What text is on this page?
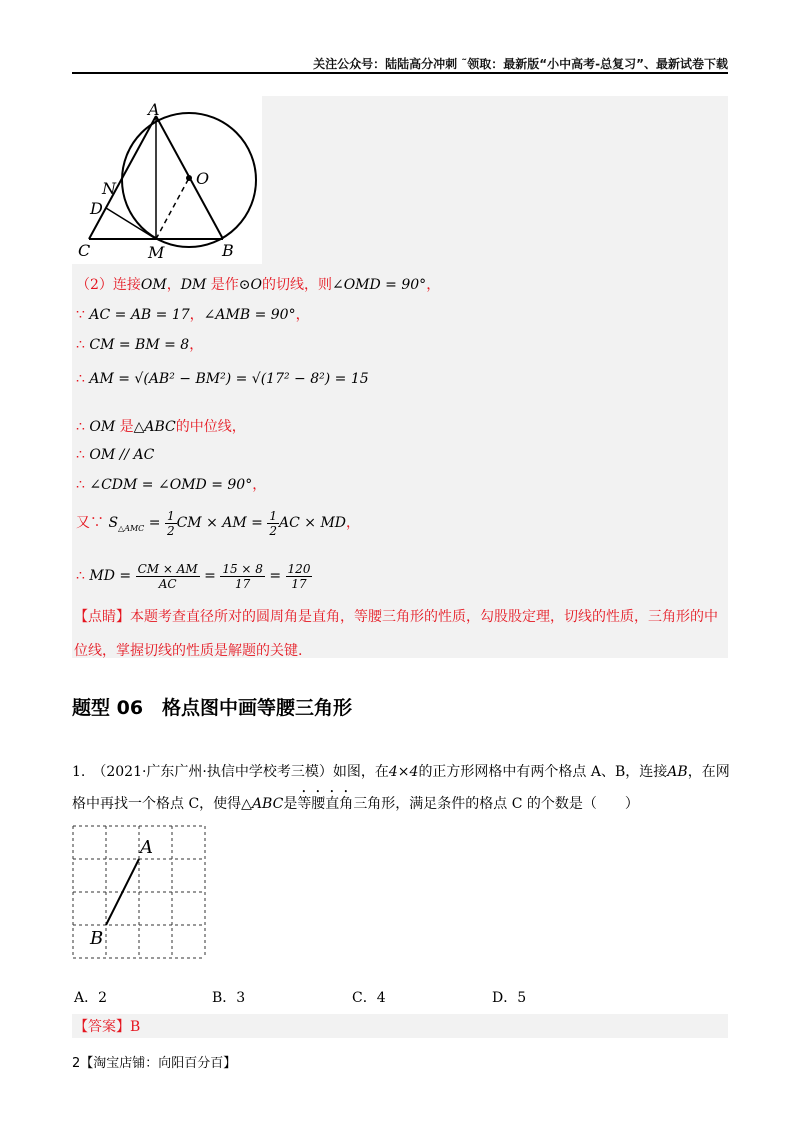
关注公众号：陆陆高分冲刺 ˜领取：最新版“小中高考-总复习”、最新试卷下载
A
O
N
D
C	M	B
（2）连接OM，DM 是作⊙O的切线，则∠OMD = 90°，
∵ AC = AB = 17，∠AMB = 90°，
∴ CM = BM = 8，
∴ AM = √(AB² − BM²) = √(17² − 8²) = 15
∴ OM 是△ABC的中位线，
∴ OM // AC
∴ ∠CDM = ∠OMD = 90°，
又∵ $S_{\triangle AMC} = \frac{1}{2}$ CM × AM = $\frac{1}{2}$ AC × MD，
∴ MD = $\frac{CM \times AM}{AC} = \frac{15 \times 8}{17} = \frac{120}{17}$
【点睛】本题考查直径所对的圆周角是直角，等腰三角形的性质，勾股股定理，切线的性质，三角形的中位线，掌握切线的性质是解题的关键.
题型 06　格点图中画等腰三角形
1.　（2021·广东广州·执信中学校考三模）如图，在4×4的正方形网格中有两个格点 A、B，连接AB，在网
格中再找一个格点 C，使得△ABC是等腰直角三角形，满足条件的格点 C 的个数是（　　）
A
B
A．2	B．3	C．4	D．5
【答案】B
2【淘宝店铺：向阳百分百】
